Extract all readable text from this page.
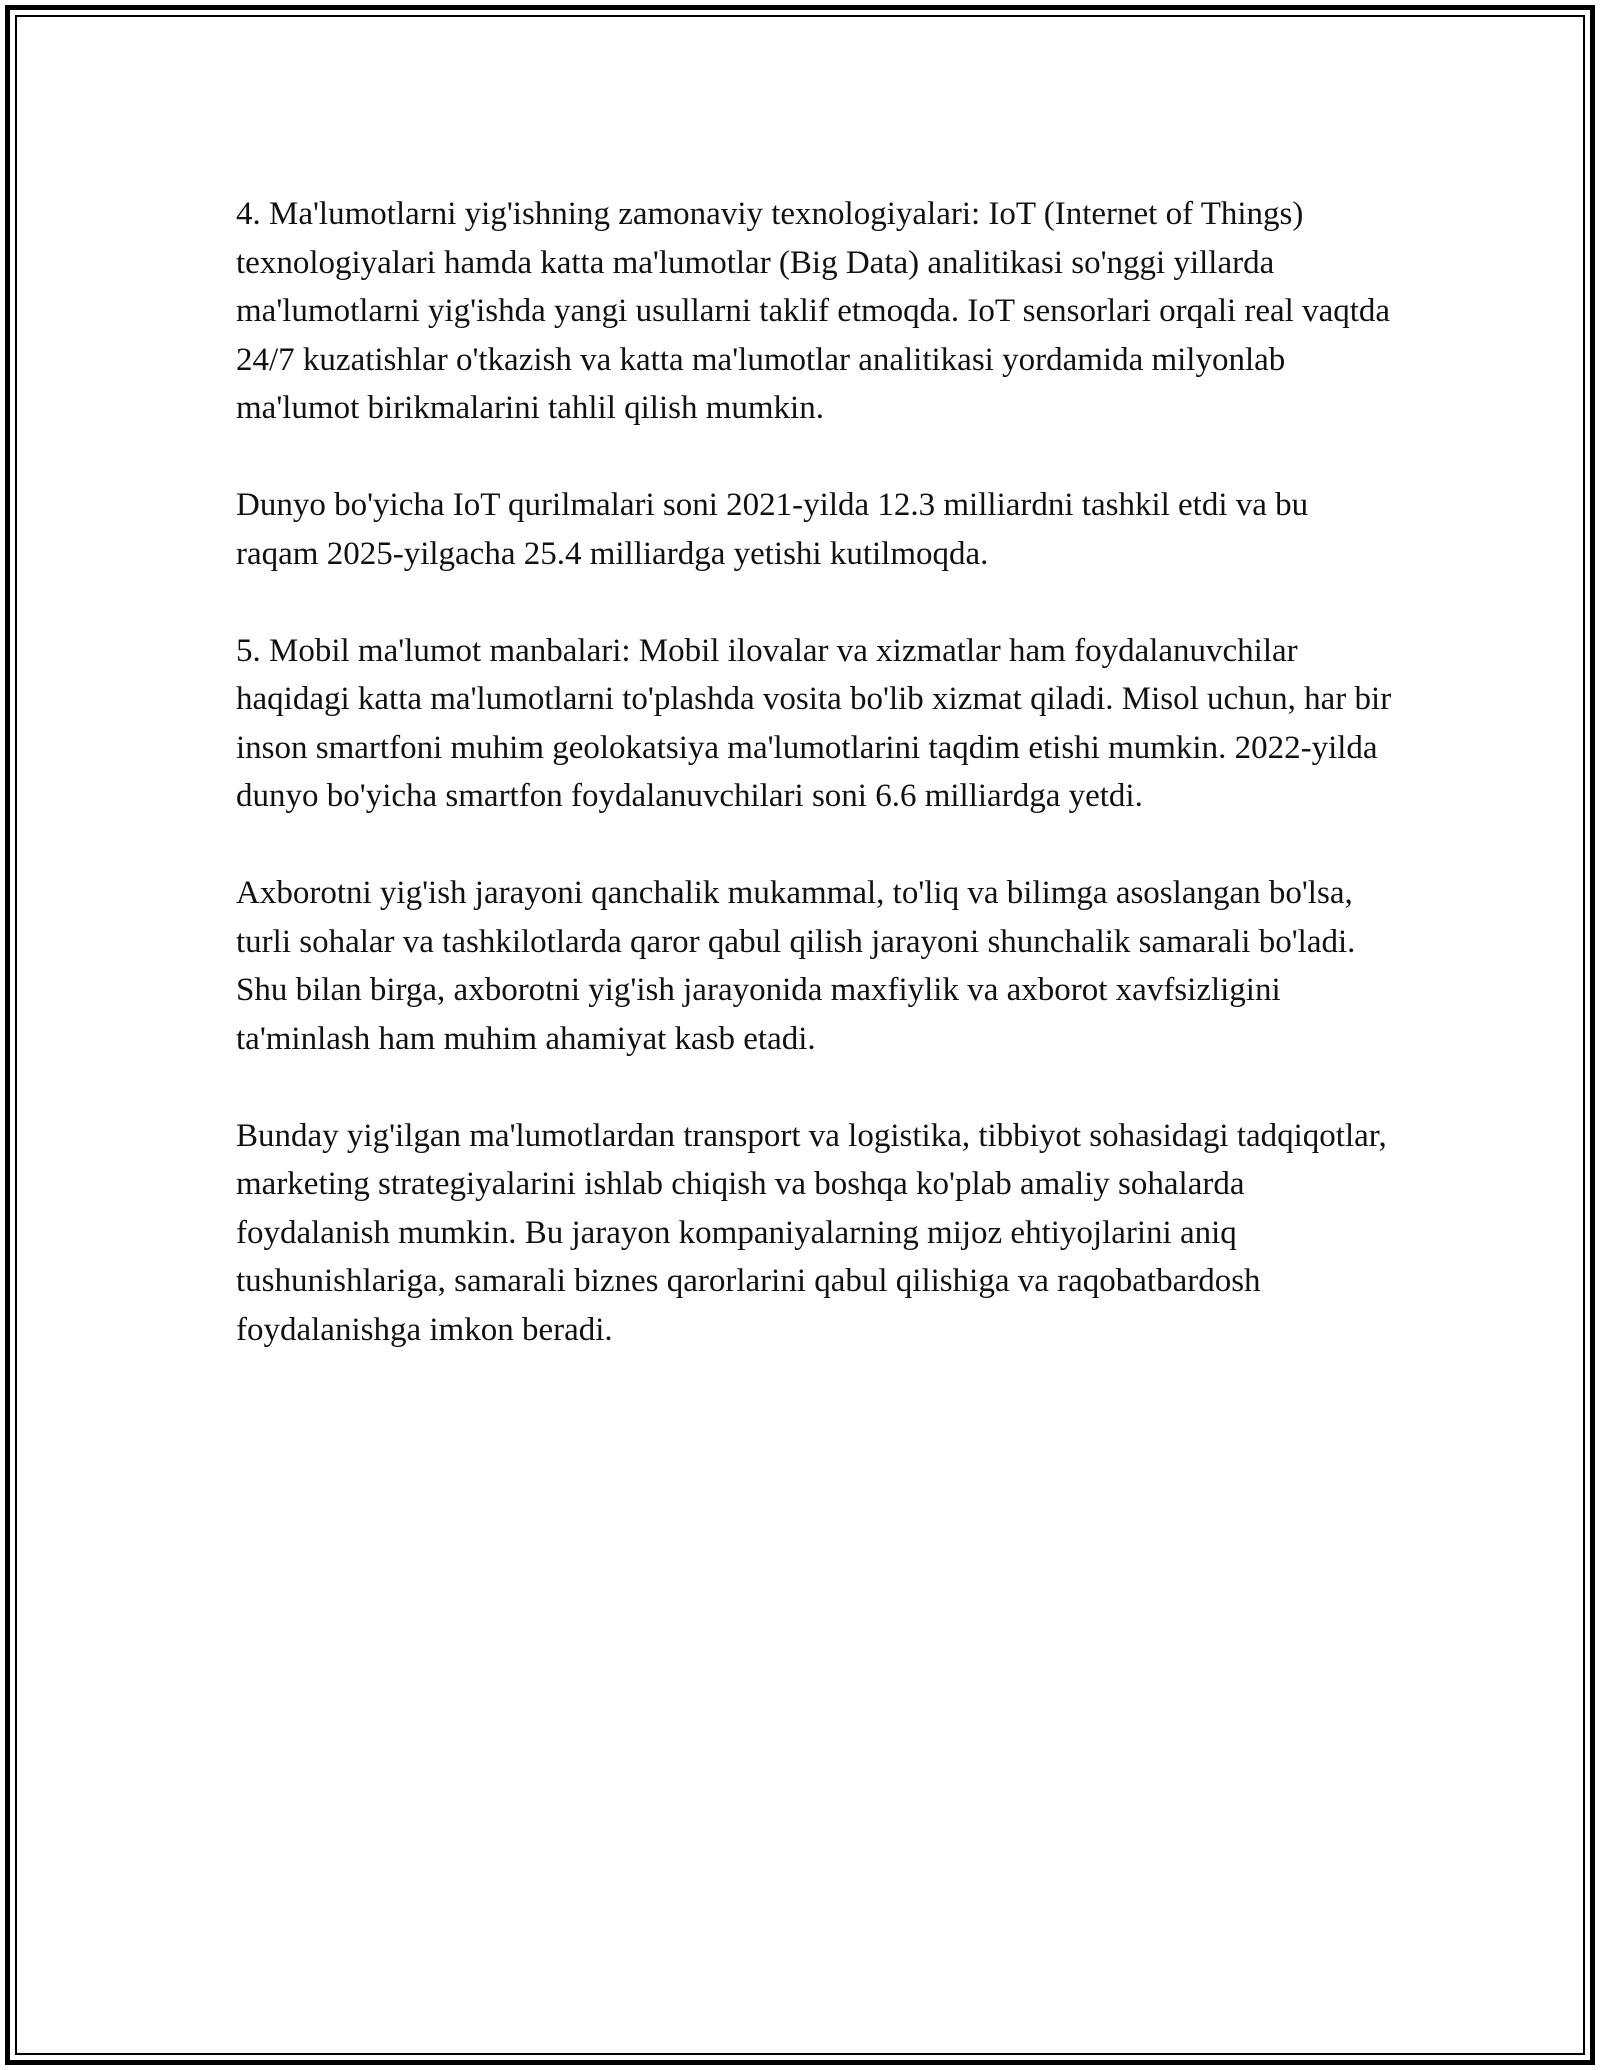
4. Ma'lumotlarni yig'ishning zamonaviy texnologiyalari: IoT (Internet of Things) texnologiyalari hamda katta ma'lumotlar (Big Data) analitikasi so'nggi yillarda ma'lumotlarni yig'ishda yangi usullarni taklif etmoqda. IoT sensorlari orqali real vaqtda 24/7 kuzatishlar o'tkazish va katta ma'lumotlar analitikasi yordamida milyonlab ma'lumot birikmalarini tahlil qilish mumkin.

Dunyo bo'yicha IoT qurilmalari soni 2021-yilda 12.3 milliardni tashkil etdi va bu raqam 2025-yilgacha 25.4 milliardga yetishi kutilmoqda.

5. Mobil ma'lumot manbalari: Mobil ilovalar va xizmatlar ham foydalanuvchilar haqidagi katta ma'lumotlarni to'plashda vosita bo'lib xizmat qiladi. Misol uchun, har bir inson smartfoni muhim geolokatsiya ma'lumotlarini taqdim etishi mumkin. 2022-yilda dunyo bo'yicha smartfon foydalanuvchilari soni 6.6 milliardga yetdi.

Axborotni yig'ish jarayoni qanchalik mukammal, to'liq va bilimga asoslangan bo'lsa, turli sohalar va tashkilotlarda qaror qabul qilish jarayoni shunchalik samarali bo'ladi. Shu bilan birga, axborotni yig'ish jarayonida maxfiylik va axborot xavfsizligini ta'minlash ham muhim ahamiyat kasb etadi.

Bunday yig'ilgan ma'lumotlardan transport va logistika, tibbiyot sohasidagi tadqiqotlar, marketing strategiyalarini ishlab chiqish va boshqa ko'plab amaliy sohalarda foydalanish mumkin. Bu jarayon kompaniyalarning mijoz ehtiyojlarini aniq tushunishlariga, samarali biznes qarorlarini qabul qilishiga va raqobatbardosh foydalanishga imkon beradi.
